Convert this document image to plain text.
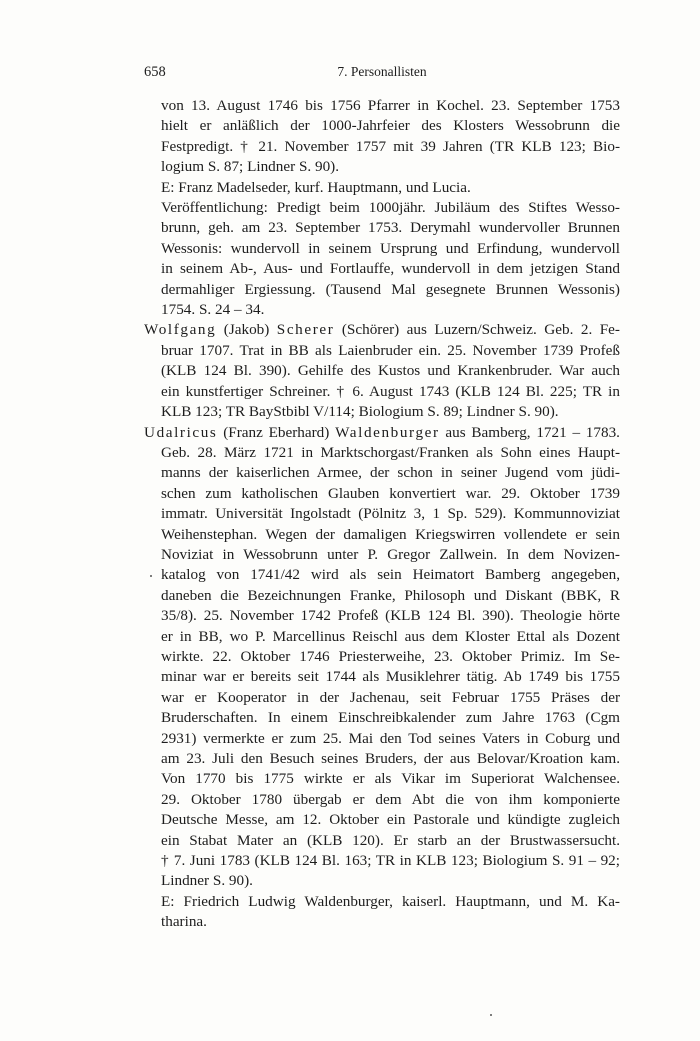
658	7. Personallisten
von 13. August 1746 bis 1756 Pfarrer in Kochel. 23. September 1753
hielt er anläßlich der 1000-Jahrfeier des Klosters Wessobrunn die
Festpredigt. † 21. November 1757 mit 39 Jahren (TR KLB 123; Bio-
logium S. 87; Lindner S. 90).
E: Franz Madelseder, kurf. Hauptmann, und Lucia.
Veröffentlichung: Predigt beim 1000jähr. Jubiläum des Stiftes Wesso-
brunn, geh. am 23. September 1753. Derymahl wundervoller Brunnen
Wessonis: wundervoll in seinem Ursprung und Erfindung, wundervoll
in seinem Ab-, Aus- und Fortlauffe, wundervoll in dem jetzigen Stand
dermahliger Ergiessung. (Tausend Mal gesegnete Brunnen Wessonis)
1754. S. 24 – 34.
Wolfgang (Jakob) Scherer (Schörer) aus Luzern/Schweiz. Geb. 2. Fe-
bruar 1707. Trat in BB als Laienbruder ein. 25. November 1739 Profeß
(KLB 124 Bl. 390). Gehilfe des Kustos und Krankenbruder. War auch
ein kunstfertiger Schreiner. † 6. August 1743 (KLB 124 Bl. 225; TR in
KLB 123; TR BayStbibl V/114; Biologium S. 89; Lindner S. 90).
Udalricus (Franz Eberhard) Waldenburger aus Bamberg, 1721 – 1783.
Geb. 28. März 1721 in Marktschorgast/Franken als Sohn eines Haupt-
manns der kaiserlichen Armee, der schon in seiner Jugend vom jüdi-
schen zum katholischen Glauben konvertiert war. 29. Oktober 1739
immatr. Universität Ingolstadt (Pölnitz 3, 1 Sp. 529). Kommunnoviziat
Weihenstephan. Wegen der damaligen Kriegswirren vollendete er sein
Noviziat in Wessobrunn unter P. Gregor Zallwein. In dem Novizen-
katalog von 1741/42 wird als sein Heimatort Bamberg angegeben,
daneben die Bezeichnungen Franke, Philosoph und Diskant (BBK, R
35/8). 25. November 1742 Profeß (KLB 124 Bl. 390). Theologie hörte
er in BB, wo P. Marcellinus Reischl aus dem Kloster Ettal als Dozent
wirkte. 22. Oktober 1746 Priesterweihe, 23. Oktober Primiz. Im Se-
minar war er bereits seit 1744 als Musiklehrer tätig. Ab 1749 bis 1755
war er Kooperator in der Jachenau, seit Februar 1755 Präses der
Bruderschaften. In einem Einschreibkalender zum Jahre 1763 (Cgm
2931) vermerkte er zum 25. Mai den Tod seines Vaters in Coburg und
am 23. Juli den Besuch seines Bruders, der aus Belovar/Kroation kam.
Von 1770 bis 1775 wirkte er als Vikar im Superiorat Walchensee.
29. Oktober 1780 übergab er dem Abt die von ihm komponierte
Deutsche Messe, am 12. Oktober ein Pastorale und kündigte zugleich
ein Stabat Mater an (KLB 120). Er starb an der Brustwassersucht.
† 7. Juni 1783 (KLB 124 Bl. 163; TR in KLB 123; Biologium S. 91 – 92;
Lindner S. 90).
E: Friedrich Ludwig Waldenburger, kaiserl. Hauptmann, und M. Ka-
tharina.
